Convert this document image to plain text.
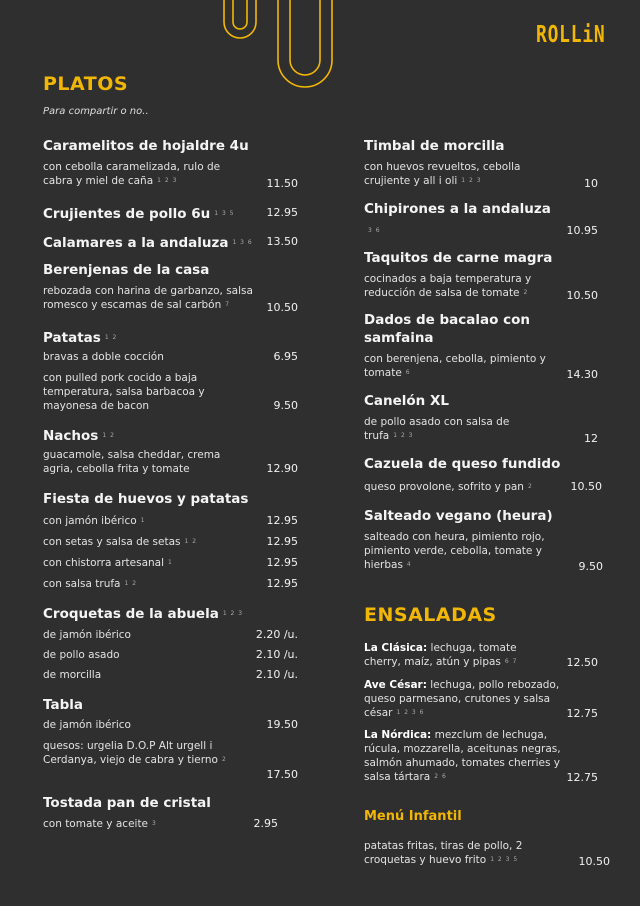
ROLLiN
PLATOS
Para compartir o no..
Caramelitos de hojaldre 4u
con cebolla caramelizada, rulo de cabra y miel de caña 1 2 3	11.50
Crujientes de pollo 6u 1 3 5	12.95
Calamares a la andaluza 1 3 6	13.50
Berenjenas de la casa
rebozada con harina de garbanzo, salsa romesco y escamas de sal carbón 7	10.50
Patatas 1 2
bravas a doble cocción	6.95
con pulled pork cocido a baja temperatura, salsa barbacoa y mayonesa de bacon	9.50
Nachos 1 2
guacamole, salsa cheddar, crema agria, cebolla frita y tomate	12.90
Fiesta de huevos y patatas
con jamón ibérico 1	12.95
con setas y salsa de setas 1 2	12.95
con chistorra artesanal 1	12.95
con salsa trufa 1 2	12.95
Croquetas de la abuela 1 2 3
de jamón ibérico	2.20 /u.
de pollo asado	2.10 /u.
de morcilla	2.10 /u.
Tabla
de jamón ibérico	19.50
quesos: urgelia D.O.P Alt urgell i Cerdanya, viejo de cabra y tierno 2
17.50
Tostada pan de cristal
con tomate y aceite 3	2.95
Timbal de morcilla
con huevos revueltos, cebolla crujiente y all i oli 1 2 3	10
Chipirones a la andaluza
3 6	10.95
Taquitos de carne magra
cocinados a baja temperatura y reducción de salsa de tomate 2	10.50
Dados de bacalao con samfaina
con berenjena, cebolla, pimiento y tomate 6	14.30
Canelón XL
de pollo asado con salsa de trufa 1 2 3	12
Cazuela de queso fundido
queso provolone, sofrito y pan 2	10.50
Salteado vegano (heura)
salteado con heura, pimiento rojo, pimiento verde, cebolla, tomate y hierbas 4	9.50
ENSALADAS
La Clásica: lechuga, tomate cherry, maíz, atún y pipas 6 7	12.50
Ave César: lechuga, pollo rebozado, queso parmesano, crutones y salsa césar 1 2 3 6	12.75
La Nórdica: mezclum de lechuga, rúcula, mozzarella, aceitunas negras, salmón ahumado, tomates cherries y salsa tártara 2 6	12.75
Menú Infantil
patatas fritas, tiras de pollo, 2 croquetas y huevo frito 1 2 3 5	10.50
